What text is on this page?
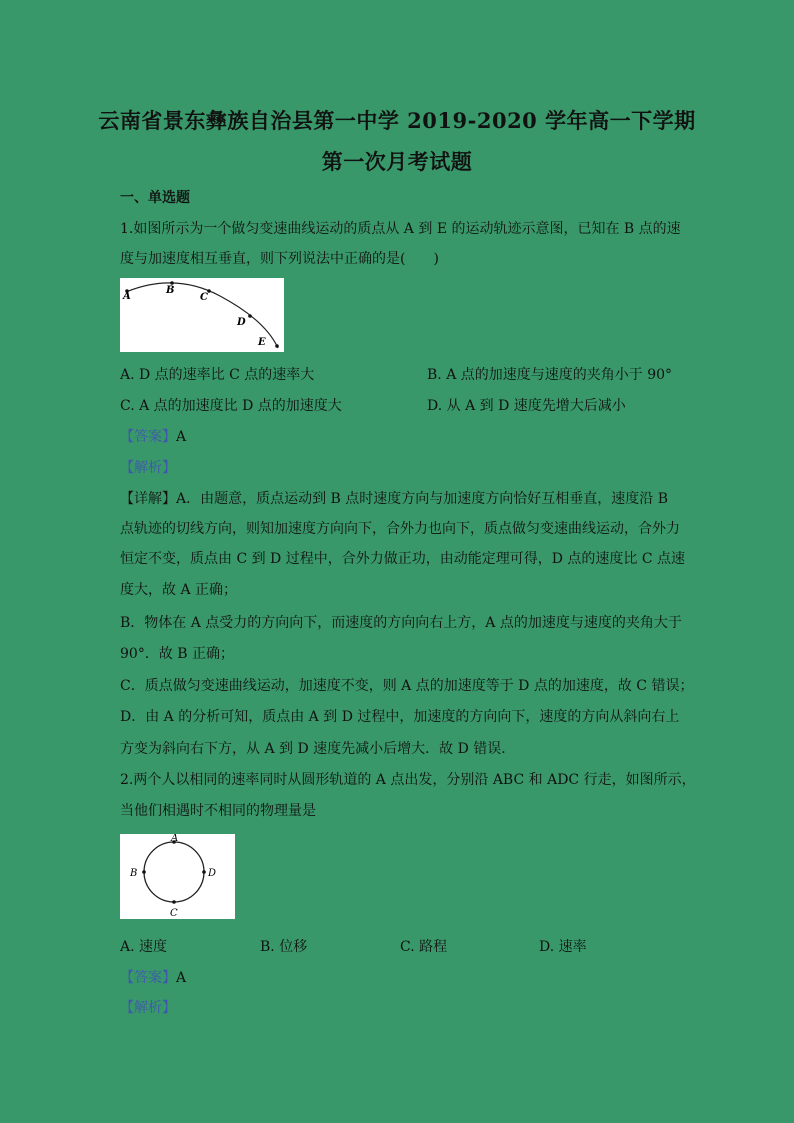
云南省景东彝族自治县第一中学 2019-2020 学年高一下学期
第一次月考试题
一、单选题
1.如图所示为一个做匀变速曲线运动的质点从 A 到 E 的运动轨迹示意图，已知在 B 点的速
度与加速度相互垂直，则下列说法中正确的是(　　)
A
B
C
D
E
A. D 点的速率比 C 点的速率大	B. A 点的加速度与速度的夹角小于 90°
C. A 点的加速度比 D 点的加速度大	D. 从 A 到 D 速度先增大后减小
【答案】A
【解析】
【详解】A．由题意，质点运动到 B 点时速度方向与加速度方向恰好互相垂直，速度沿 B
点轨迹的切线方向，则知加速度方向向下，合外力也向下，质点做匀变速曲线运动，合外力
恒定不变，质点由 C 到 D 过程中，合外力做正功，由动能定理可得，D 点的速度比 C 点速
度大，故 A 正确；
B．物体在 A 点受力的方向向下，而速度的方向向右上方，A 点的加速度与速度的夹角大于
90°．故 B 正确；
C．质点做匀变速曲线运动，加速度不变，则 A 点的加速度等于 D 点的加速度，故 C 错误；
D．由 A 的分析可知，质点由 A 到 D 过程中，加速度的方向向下，速度的方向从斜向右上
方变为斜向右下方，从 A 到 D 速度先减小后增大．故 D 错误．
2.两个人以相同的速率同时从圆形轨道的 A 点出发，分别沿 ABC 和 ADC 行走，如图所示，
当他们相遇时不相同的物理量是
A
B
C
D
A. 速度	B. 位移	C. 路程	D. 速率
【答案】A
【解析】
